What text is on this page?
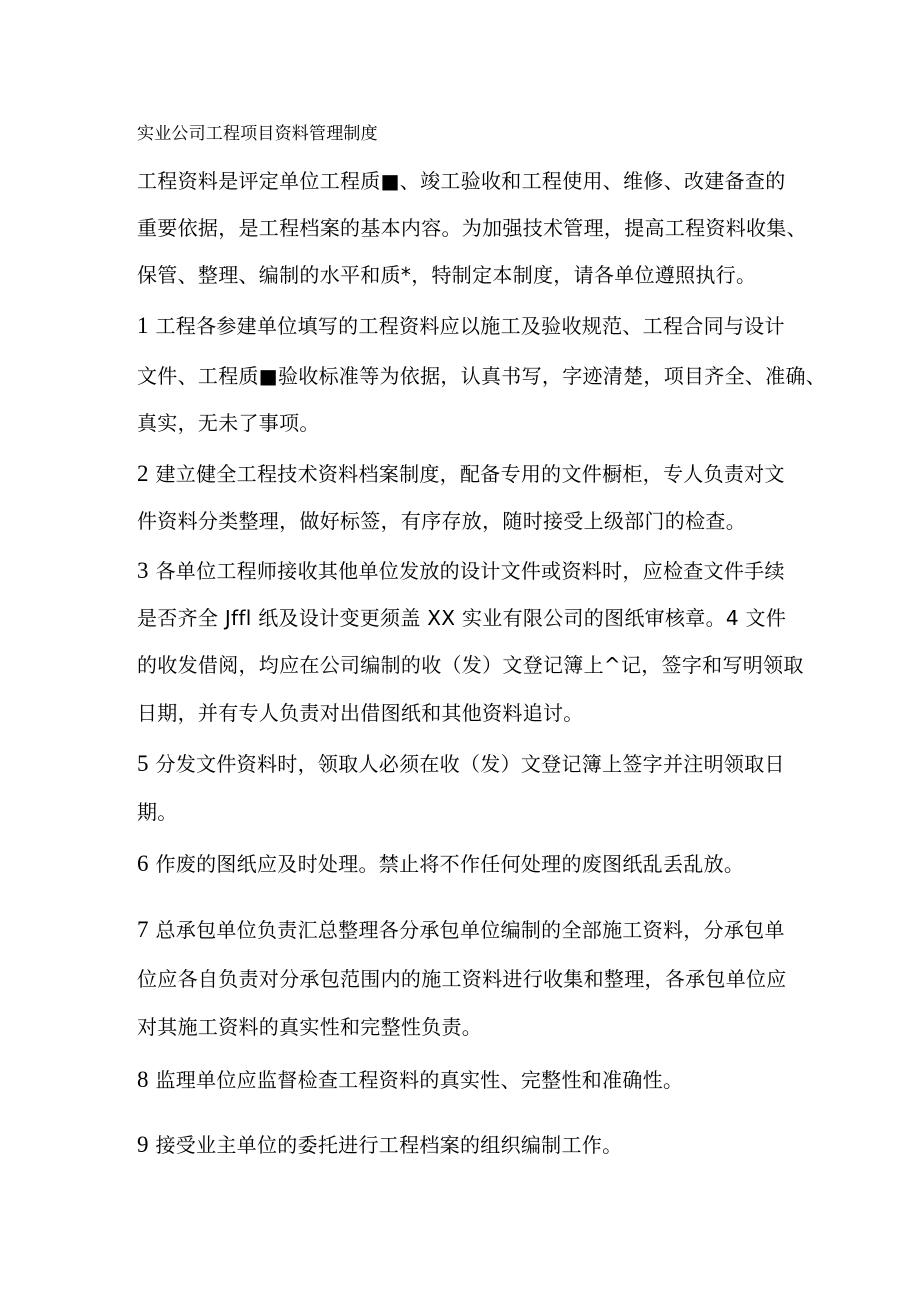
实业公司工程项目资料管理制度
工程资料是评定单位工程质■、竣工验收和工程使用、维修、改建备查的
重要依据，是工程档案的基本内容。为加强技术管理，提高工程资料收集、
保管、整理、编制的水平和质*，特制定本制度，请各单位遵照执行。
1 工程各参建单位填写的工程资料应以施工及验收规范、工程合同与设计
文件、工程质■验收标准等为依据，认真书写，字迹清楚，项目齐全、准确、
真实，无未了事项。
2 建立健全工程技术资料档案制度，配备专用的文件橱柜，专人负责对文
件资料分类整理，做好标签，有序存放，随时接受上级部门的检查。
3 各单位工程师接收其他单位发放的设计文件或资料时，应检查文件手续
是否齐全 Jffl 纸及设计变更须盖 XX 实业有限公司的图纸审核章。4 文件
的收发借阅，均应在公司编制的收（发）文登记簿上^记，签字和写明领取
日期，并有专人负责对出借图纸和其他资料追讨。
5 分发文件资料时，领取人必须在收（发）文登记簿上签字并注明领取日
期。
6 作废的图纸应及时处理。禁止将不作任何处理的废图纸乱丢乱放。
7 总承包单位负责汇总整理各分承包单位编制的全部施工资料，分承包单
位应各自负责对分承包范围内的施工资料进行收集和整理，各承包单位应
对其施工资料的真实性和完整性负责。
8 监理单位应监督检查工程资料的真实性、完整性和准确性。
9 接受业主单位的委托进行工程档案的组织编制工作。
